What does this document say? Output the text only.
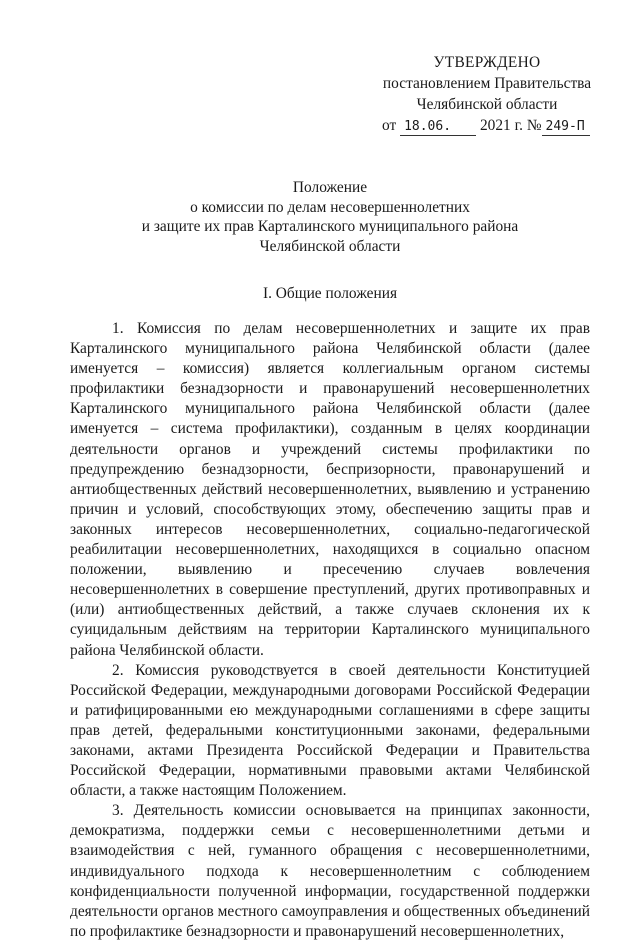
УТВЕРЖДЕНО
постановлением Правительства
Челябинской области
от 18.06. 2021 г. № 249-П
Положение
о комиссии по делам несовершеннолетних
и защите их прав Карталинского муниципального района
Челябинской области
I. Общие положения

1. Комиссия по делам несовершеннолетних и защите их прав Карталинского муниципального района Челябинской области (далее именуется – комиссия) является коллегиальным органом системы профилактики безнадзорности и правонарушений несовершеннолетних Карталинского муниципального района Челябинской области (далее именуется – система профилактики), созданным в целях координации деятельности органов и учреждений системы профилактики по предупреждению безнадзорности, беспризорности, правонарушений и антиобщественных действий несовершеннолетних, выявлению и устранению причин и условий, способствующих этому, обеспечению защиты прав и законных интересов несовершеннолетних, социально-педагогической реабилитации несовершеннолетних, находящихся в социально опасном положении, выявлению и пресечению случаев вовлечения несовершеннолетних в совершение преступлений, других противоправных и (или) антиобщественных действий, а также случаев склонения их к суицидальным действиям на территории Карталинского муниципального района Челябинской области.

2. Комиссия руководствуется в своей деятельности Конституцией Российской Федерации, международными договорами Российской Федерации и ратифицированными ею международными соглашениями в сфере защиты прав детей, федеральными конституционными законами, федеральными законами, актами Президента Российской Федерации и Правительства Российской Федерации, нормативными правовыми актами Челябинской области, а также настоящим Положением.

3. Деятельность комиссии основывается на принципах законности, демократизма, поддержки семьи с несовершеннолетними детьми и взаимодействия с ней, гуманного обращения с несовершеннолетними, индивидуального подхода к несовершеннолетним с соблюдением конфиденциальности полученной информации, государственной поддержки деятельности органов местного самоуправления и общественных объединений по профилактике безнадзорности и правонарушений несовершеннолетних,
